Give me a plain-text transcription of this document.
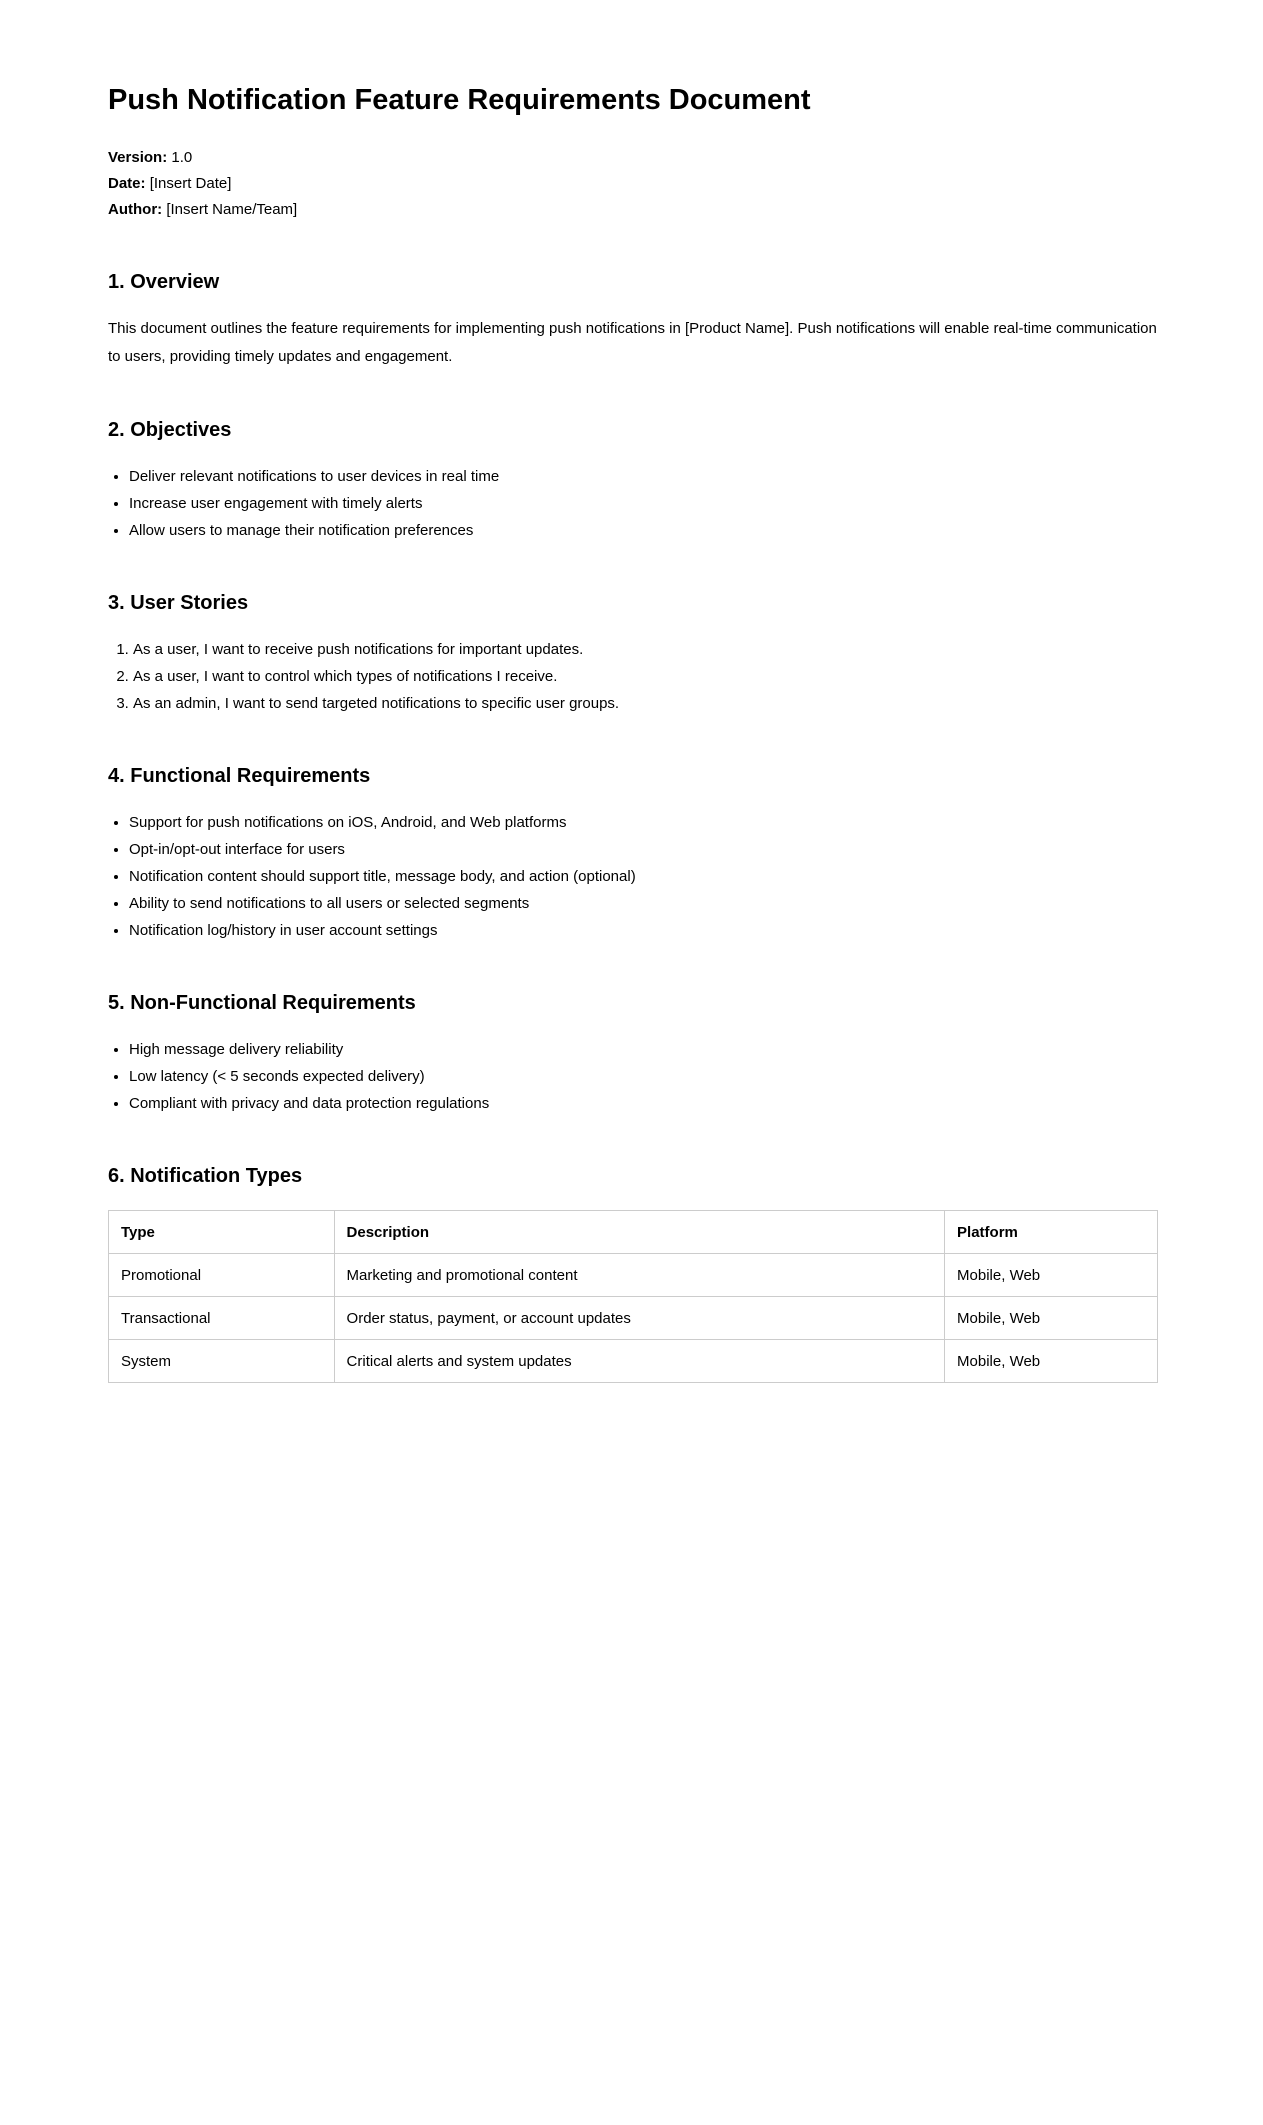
Push Notification Feature Requirements Document

Version: 1.0

Date: [Insert Date]

Author: [Insert Name/Team]

1. Overview

This document outlines the feature requirements for implementing push notifications in [Product Name]. Push notifications will enable real-time communication to users, providing timely updates and engagement.

2. Objectives
• Deliver relevant notifications to user devices in real time
• Increase user engagement with timely alerts
• Allow users to manage their notification preferences
3. User Stories
1. As a user, I want to receive push notifications for important updates.
2. As a user, I want to control which types of notifications I receive.
3. As an admin, I want to send targeted notifications to specific user groups.
4. Functional Requirements
• Support for push notifications on iOS, Android, and Web platforms
• Opt-in/opt-out interface for users
• Notification content should support title, message body, and action (optional)
• Ability to send notifications to all users or selected segments
• Notification log/history in user account settings
5. Non-Functional Requirements
• High message delivery reliability
• Low latency (< 5 seconds expected delivery)
• Compliant with privacy and data protection regulations
6. Notification Types
Type	Description	Platform
Promotional	Marketing and promotional content	Mobile, Web
Transactional	Order status, payment, or account updates	Mobile, Web
System	Critical alerts and system updates	Mobile, Web
